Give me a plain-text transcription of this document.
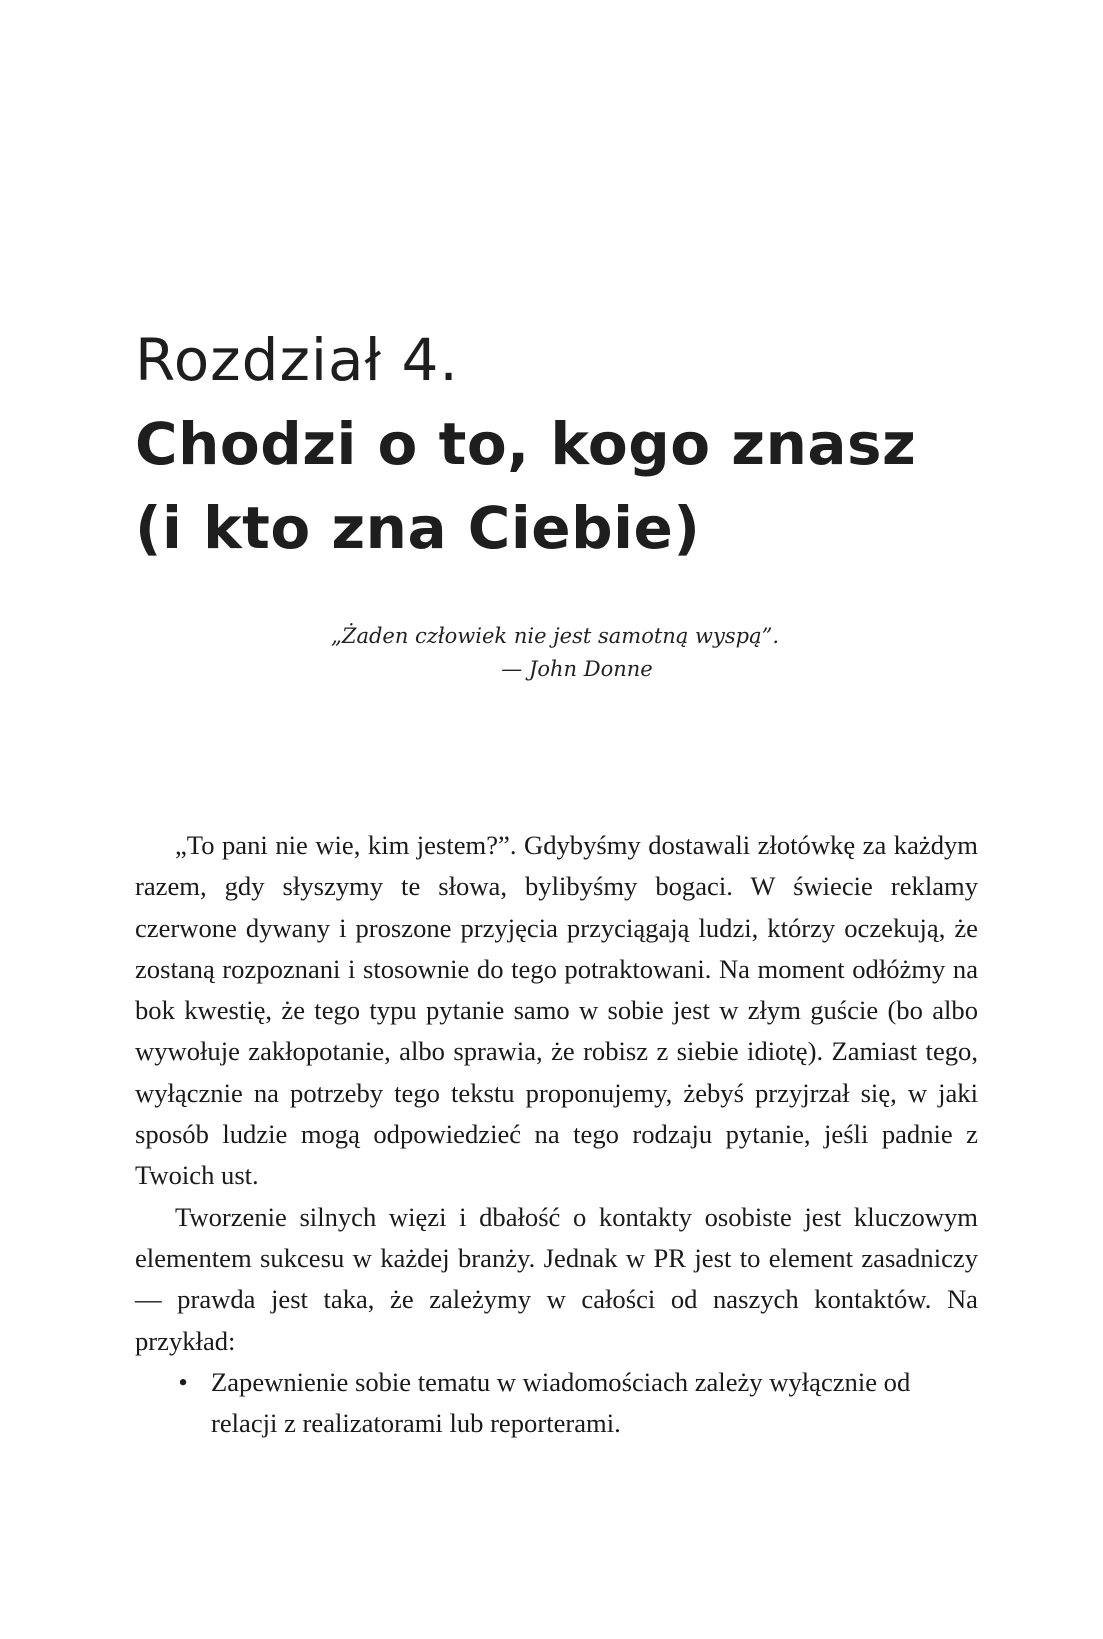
Rozdział 4.
Chodzi o to, kogo znasz
(i kto zna Ciebie)
„Żaden człowiek nie jest samotną wyspą”.
— John Donne

„To pani nie wie, kim jestem?”. Gdybyśmy dostawali złotówkę za każdym razem, gdy słyszymy te słowa, bylibyśmy bogaci. W świecie reklamy czerwone dywany i proszone przyjęcia przyciągają ludzi, którzy oczekują, że zostaną rozpoznani i stosownie do tego potraktowani. Na moment odłóżmy na bok kwestię, że tego typu pytanie samo w sobie jest w złym guście (bo albo wywołuje zakłopotanie, albo sprawia, że robisz z siebie idiotę). Zamiast tego, wyłącznie na potrzeby tego tekstu proponujemy, żebyś przyjrzał się, w jaki sposób ludzie mogą odpowiedzieć na tego rodzaju pytanie, jeśli padnie z Twoich ust.

Tworzenie silnych więzi i dbałość o kontakty osobiste jest kluczowym elementem sukcesu w każdej branży. Jednak w PR jest to element zasadniczy — prawda jest taka, że zależymy w całości od naszych kontaktów. Na przykład:

• Zapewnienie sobie tematu w wiadomościach zależy wyłącznie od relacji z realizatorami lub reporterami.
